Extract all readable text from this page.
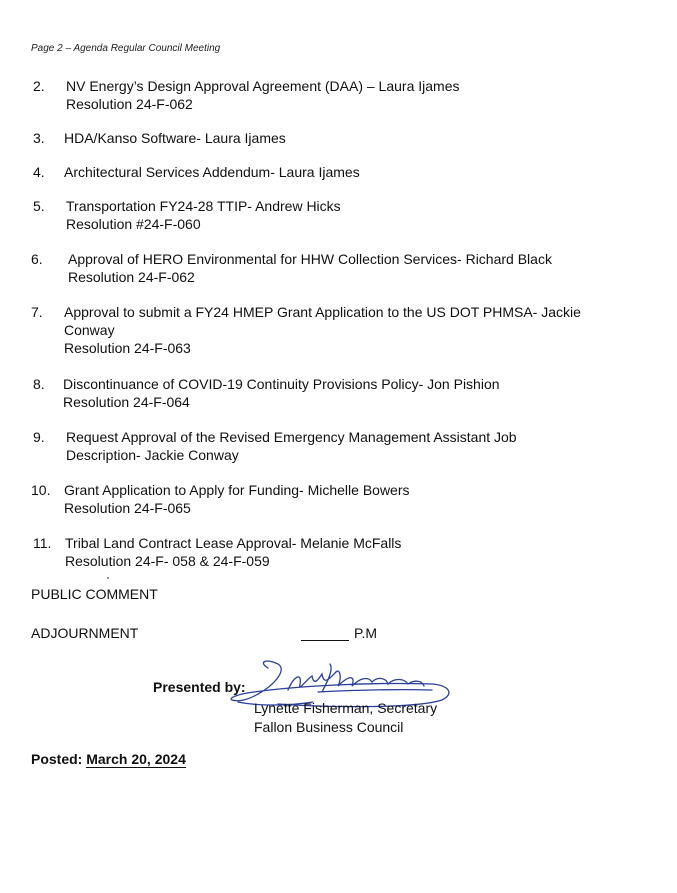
Page 2 – Agenda Regular Council Meeting
2. NV Energy’s Design Approval Agreement (DAA) – Laura Ijames
Resolution 24-F-062
3. HDA/Kanso Software- Laura Ijames
4. Architectural Services Addendum- Laura Ijames
5. Transportation FY24-28 TTIP- Andrew Hicks
Resolution #24-F-060
6. Approval of HERO Environmental for HHW Collection Services- Richard Black
Resolution 24-F-062
7. Approval to submit a FY24 HMEP Grant Application to the US DOT PHMSA- Jackie
Conway
Resolution 24-F-063
8. Discontinuance of COVID-19 Continuity Provisions Policy- Jon Pishion
Resolution 24-F-064
9. Request Approval of the Revised Emergency Management Assistant Job
Description- Jackie Conway
10. Grant Application to Apply for Funding- Michelle Bowers
Resolution 24-F-065
11. Tribal Land Contract Lease Approval- Melanie McFalls
Resolution 24-F- 058 & 24-F-059
PUBLIC COMMENT
ADJOURNMENT	P.M
Presented by:
Lynette Fisherman, Secretary
Fallon Business Council
Posted: March 20, 2024
